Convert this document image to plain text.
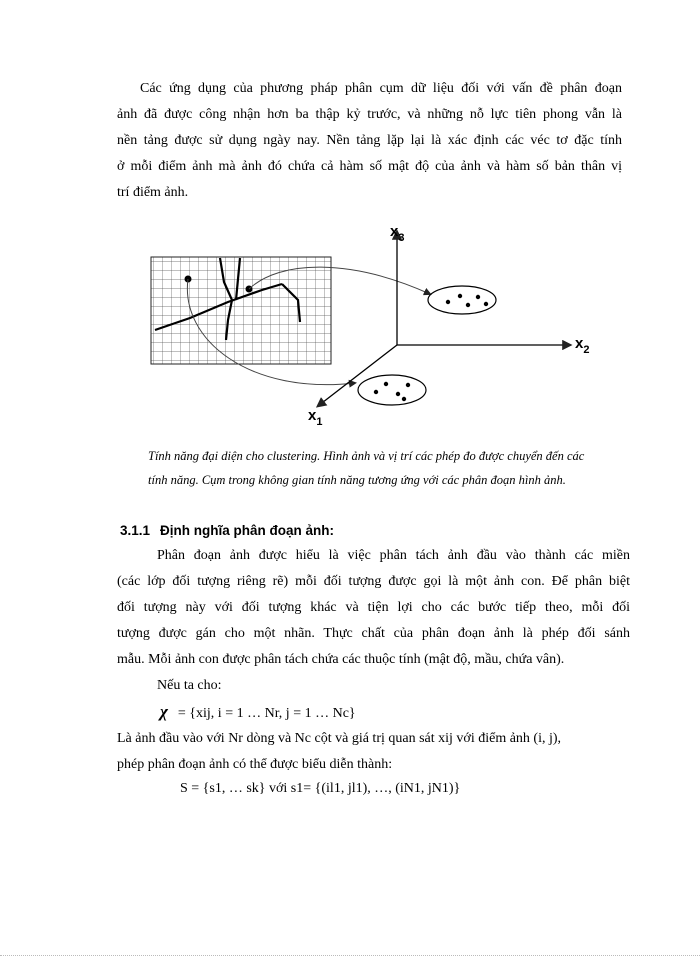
Các ứng dụng của phương pháp phân cụm dữ liệu đối với vấn đề phân đoạn
ảnh đã được công nhận hơn ba thập kỷ trước, và những nỗ lực tiên phong vẫn là
nền tảng được sử dụng ngày nay. Nền tảng lặp lại là xác định các véc tơ đặc tính
ở mỗi điểm ảnh mà ảnh đó chứa cả hàm số mật độ của ảnh và hàm số bản thân vị
trí điểm ảnh.
$x_3$
$x_2$
$x_1$
Tính năng đại diện cho clustering. Hình ảnh và vị trí các phép đo được chuyển đến các
tính năng. Cụm trong không gian tính năng tương ứng với các phân đoạn hình ảnh.
3.1.1 Định nghĩa phân đoạn ảnh:
Phân đoạn ảnh được hiểu là việc phân tách ảnh đầu vào thành các miền
(các lớp đối tượng riêng rẽ) mỗi đối tượng được gọi là một ảnh con. Để phân biệt
đối tượng này với đối tượng khác và tiện lợi cho các bước tiếp theo, mỗi đối
tượng được gán cho một nhãn. Thực chất của phân đoạn ảnh là phép đối sánh
mẫu. Mỗi ảnh con được phân tách chứa các thuộc tính (mật độ, mầu, chứa vân).
Nếu ta cho:
χ = {xij, i = 1 … Nr, j = 1 … Nc}
Là ảnh đầu vào với Nr dòng và Nc cột và giá trị quan sát xij với điểm ảnh (i, j),
phép phân đoạn ảnh có thể được biểu diễn thành:
S = {s1, … sk} với s1= {(il1, jl1), …, (iN1, jN1)}
